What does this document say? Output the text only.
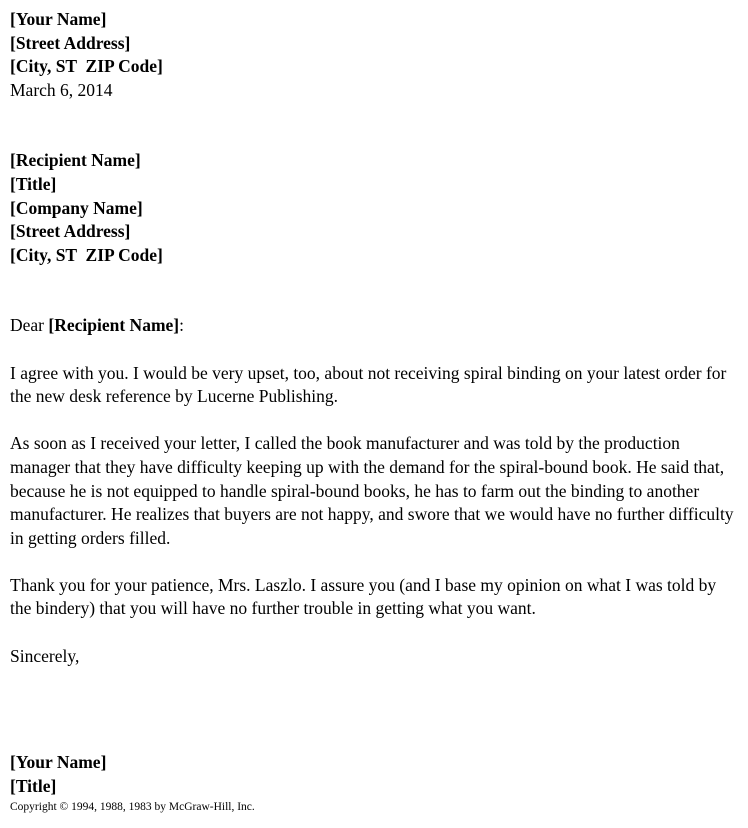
[Your Name]
[Street Address]
[City, ST  ZIP Code]
March 6, 2014
[Recipient Name]
[Title]
[Company Name]
[Street Address]
[City, ST  ZIP Code]
Dear [Recipient Name]:

I agree with you. I would be very upset, too, about not receiving spiral binding on your latest order for the new desk reference by Lucerne Publishing.

As soon as I received your letter, I called the book manufacturer and was told by the production manager that they have difficulty keeping up with the demand for the spiral-bound book. He said that, because he is not equipped to handle spiral-bound books, he has to farm out the binding to another manufacturer. He realizes that buyers are not happy, and swore that we would have no further difficulty in getting orders filled.

Thank you for your patience, Mrs. Laszlo. I assure you (and I base my opinion on what I was told by the bindery) that you will have no further trouble in getting what you want.

Sincerely,
[Your Name]
[Title]
Copyright © 1994, 1988, 1983 by McGraw-Hill, Inc.
